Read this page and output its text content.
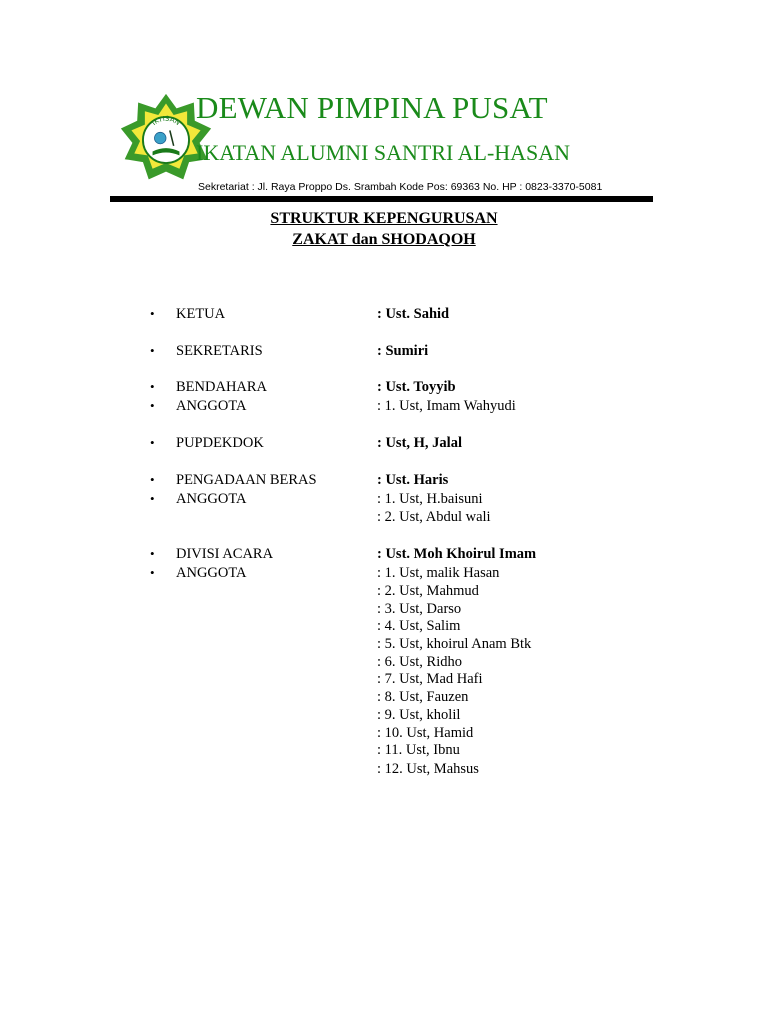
IKTISAN DEWAN PIMPINA PUSAT
IKATAN ALUMNI SANTRI AL-HASAN
Sekretariat : Jl. Raya Proppo Ds. Srambah Kode Pos: 69363 No. HP : 0823-3370-5081
STRUKTUR KEPENGURUSAN
ZAKAT dan SHODAQOH
• KETUA	: Ust. Sahid
• SEKRETARIS	: Sumiri
• BENDAHARA	: Ust. Toyyib
• ANGGOTA	: 1. Ust, Imam Wahyudi
• PUPDEKDOK	: Ust, H, Jalal
• PENGADAAN BERAS	: Ust. Haris
• ANGGOTA	: 1. Ust, H.baisuni
: 2. Ust, Abdul wali
• DIVISI ACARA	: Ust. Moh Khoirul Imam
• ANGGOTA	: 1. Ust, malik Hasan
: 2. Ust, Mahmud
: 3. Ust, Darso
: 4. Ust, Salim
: 5. Ust, khoirul Anam Btk
: 6. Ust, Ridho
: 7. Ust, Mad Hafi
: 8. Ust, Fauzen
: 9. Ust, kholil
: 10. Ust, Hamid
: 11. Ust, Ibnu
: 12. Ust, Mahsus
